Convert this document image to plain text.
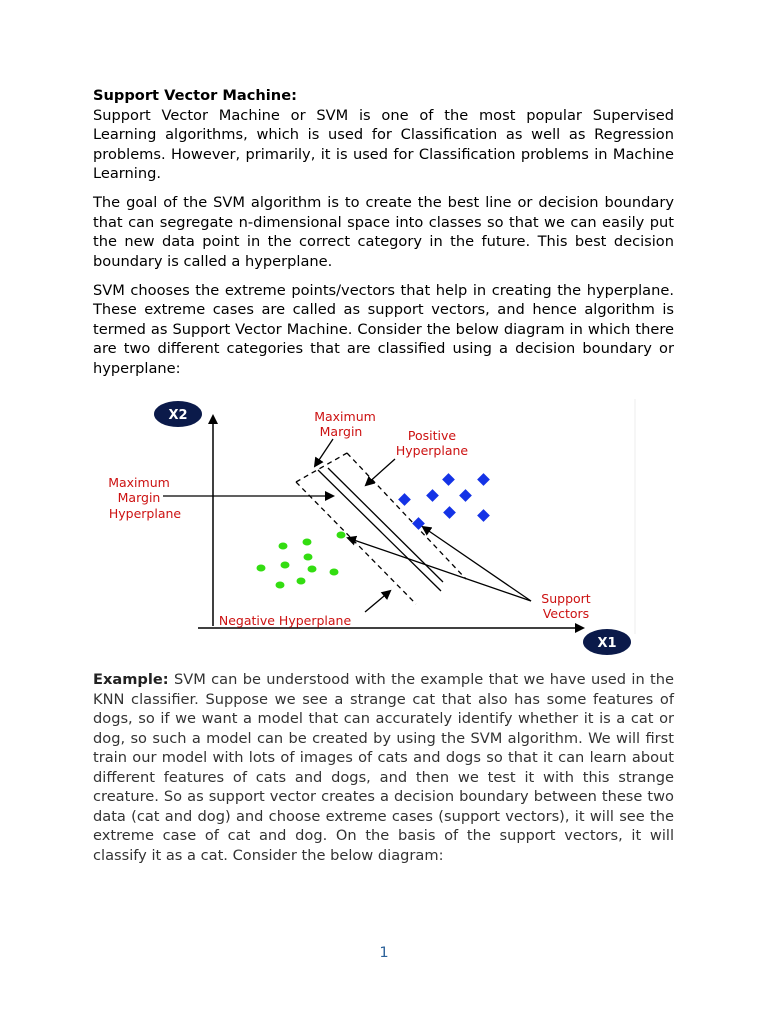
Support Vector Machine:

Support Vector Machine or SVM is one of the most popular Supervised Learning algorithms, which is used for Classification as well as Regression problems. However, primarily, it is used for Classification problems in Machine Learning.

The goal of the SVM algorithm is to create the best line or decision boundary that can segregate n-dimensional space into classes so that we can easily put the new data point in the correct category in the future. This best decision boundary is called a hyperplane.

SVM chooses the extreme points/vectors that help in creating the hyperplane. These extreme cases are called as support vectors, and hence algorithm is termed as Support Vector Machine. Consider the below diagram in which there are two different categories that are classified using a decision boundary or hyperplane:

X2
X1
Maximum
Margin	Positive
Hyperplane
Maximum
Margin
Hyperplane
Negative Hyperplane
Support
Vectors

Example: SVM can be understood with the example that we have used in the KNN classifier. Suppose we see a strange cat that also has some features of dogs, so if we want a model that can accurately identify whether it is a cat or dog, so such a model can be created by using the SVM algorithm. We will first train our model with lots of images of cats and dogs so that it can learn about different features of cats and dogs, and then we test it with this strange creature. So as support vector creates a decision boundary between these two data (cat and dog) and choose extreme cases (support vectors), it will see the extreme case of cat and dog. On the basis of the support vectors, it will classify it as a cat. Consider the below diagram:

1
